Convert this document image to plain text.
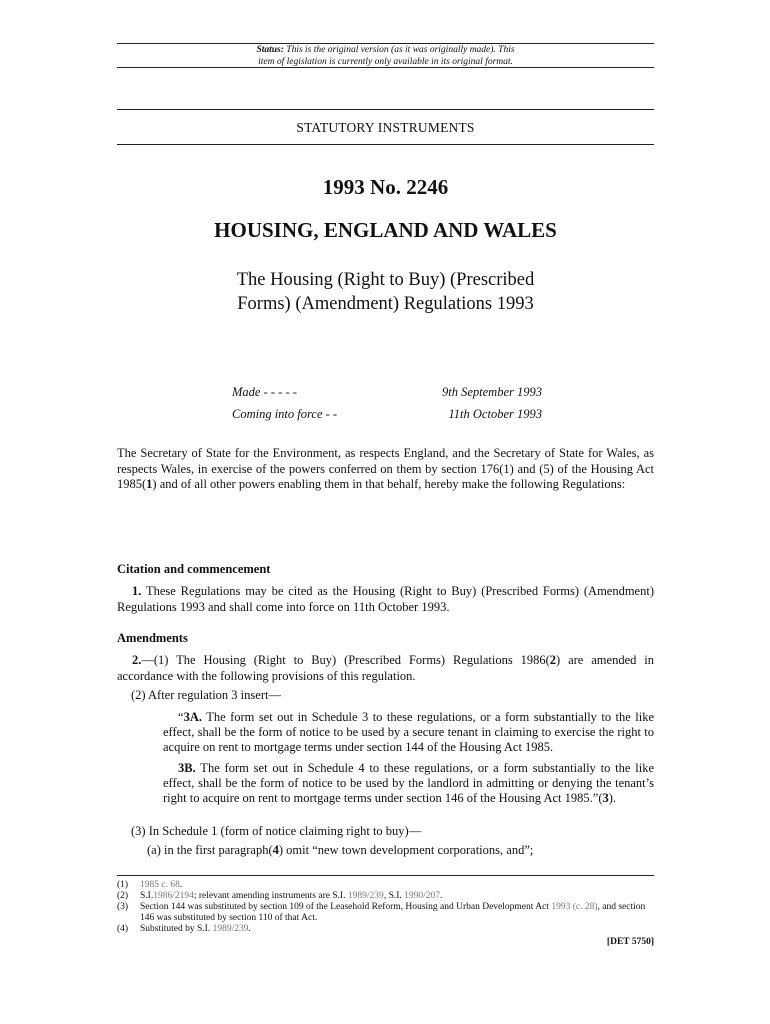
Status: This is the original version (as it was originally made). This
item of legislation is currently only available in its original format.
STATUTORY INSTRUMENTS
1993 No. 2246
HOUSING, ENGLAND AND WALES
The Housing (Right to Buy) (Prescribed
Forms) (Amendment) Regulations 1993
Made - - - - -	9th September 1993
Coming into force - -	11th October 1993
The Secretary of State for the Environment, as respects England, and the Secretary of State for Wales, as respects Wales, in exercise of the powers conferred on them by section 176(1) and (5) of the Housing Act 1985(1) and of all other powers enabling them in that behalf, hereby make the following Regulations:
Citation and commencement
1. These Regulations may be cited as the Housing (Right to Buy) (Prescribed Forms) (Amendment) Regulations 1993 and shall come into force on 11th October 1993.
Amendments
2.—(1) The Housing (Right to Buy) (Prescribed Forms) Regulations 1986(2) are amended in accordance with the following provisions of this regulation.
(2) After regulation 3 insert—
“3A. The form set out in Schedule 3 to these regulations, or a form substantially to the like effect, shall be the form of notice to be used by a secure tenant in claiming to exercise the right to acquire on rent to mortgage terms under section 144 of the Housing Act 1985.
3B. The form set out in Schedule 4 to these regulations, or a form substantially to the like effect, shall be the form of notice to be used by the landlord in admitting or denying the tenant’s right to acquire on rent to mortgage terms under section 146 of the Housing Act 1985.”(3).
(3) In Schedule 1 (form of notice claiming right to buy)—
(a) in the first paragraph(4) omit “new town development corporations, and”;
(1)	1985 c. 68.
(2)	S.I.1986/2194; relevant amending instruments are S.I. 1989/239, S.I. 1990/207.
(3)	Section 144 was substituted by section 109 of the Leasehold Reform, Housing and Urban Development Act 1993 (c. 28), and section 146 was substituted by section 110 of that Act.
(4)	Substituted by S.I. 1989/239.
[DET 5750]
